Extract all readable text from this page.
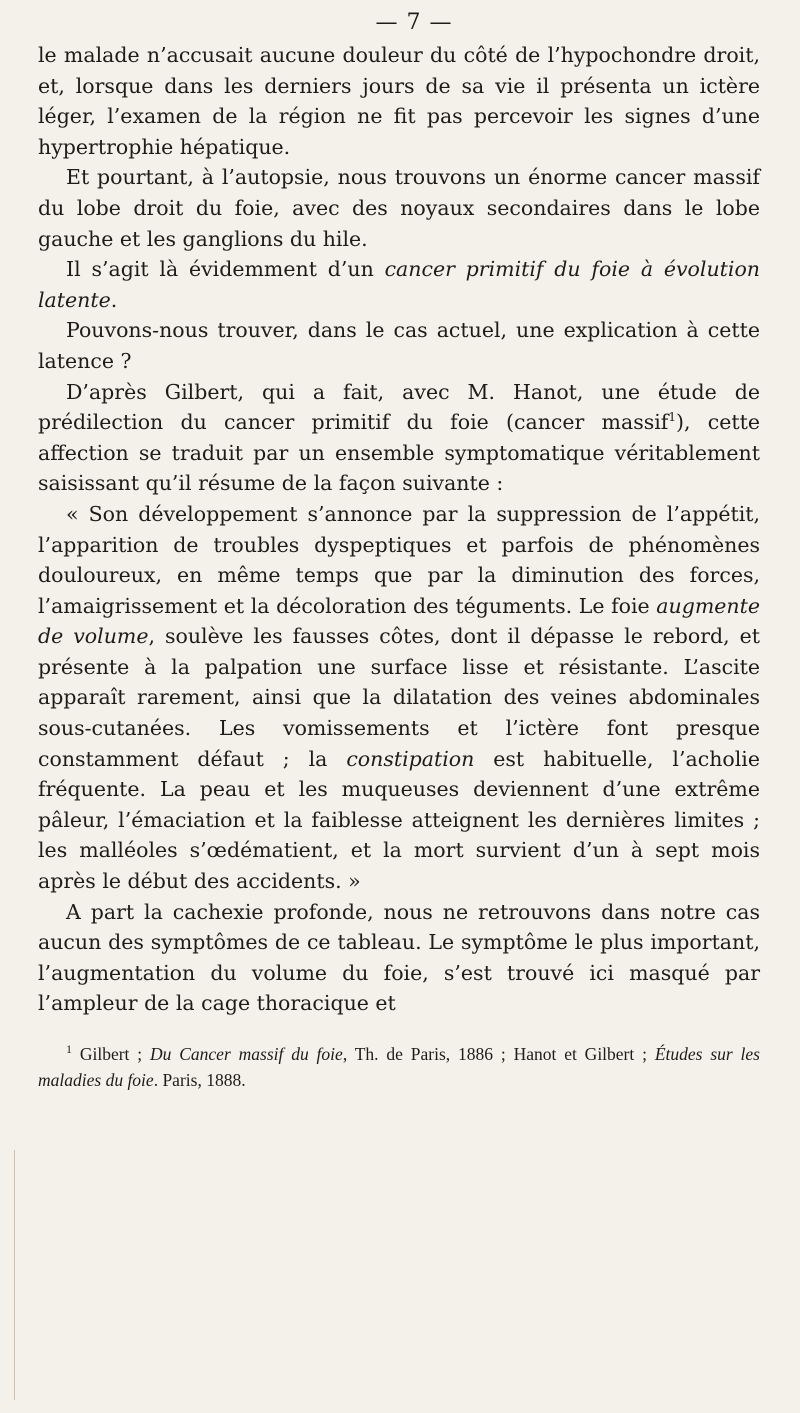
— 7 —

le malade n’accusait aucune douleur du côté de l’hypochondre droit, et, lorsque dans les derniers jours de sa vie il présenta un ictère léger, l’examen de la région ne fit pas percevoir les signes d’une hypertrophie hépatique.

Et pourtant, à l’autopsie, nous trouvons un énorme cancer massif du lobe droit du foie, avec des noyaux secondaires dans le lobe gauche et les ganglions du hile.

Il s’agit là évidemment d’un cancer primitif du foie à évolution latente.

Pouvons-nous trouver, dans le cas actuel, une explication à cette latence ?

D’après Gilbert, qui a fait, avec M. Hanot, une étude de prédilection du cancer primitif du foie (cancer massif$^1$), cette affection se traduit par un ensemble symptomatique véritablement saisissant qu’il résume de la façon suivante :

« Son développement s’annonce par la suppression de l’appétit, l’apparition de troubles dyspeptiques et parfois de phénomènes douloureux, en même temps que par la diminution des forces, l’amaigrissement et la décoloration des téguments. Le foie augmente de volume, soulève les fausses côtes, dont il dépasse le rebord, et présente à la palpation une surface lisse et résistante. L’ascite apparaît rarement, ainsi que la dilatation des veines abdominales sous-cutanées. Les vomissements et l’ictère font presque constamment défaut ; la constipation est habituelle, l’acholie fréquente. La peau et les muqueuses deviennent d’une extrême pâleur, l’émaciation et la faiblesse atteignent les dernières limites ; les malléoles s’œdématient, et la mort survient d’un à sept mois après le début des accidents. »

A part la cachexie profonde, nous ne retrouvons dans notre cas aucun des symptômes de ce tableau. Le symptôme le plus important, l’augmentation du volume du foie, s’est trouvé ici masqué par l’ampleur de la cage thoracique et

$^1$ Gilbert ; Du Cancer massif du foie, Th. de Paris, 1886 ; Hanot et Gilbert ; Études sur les maladies du foie. Paris, 1888.
